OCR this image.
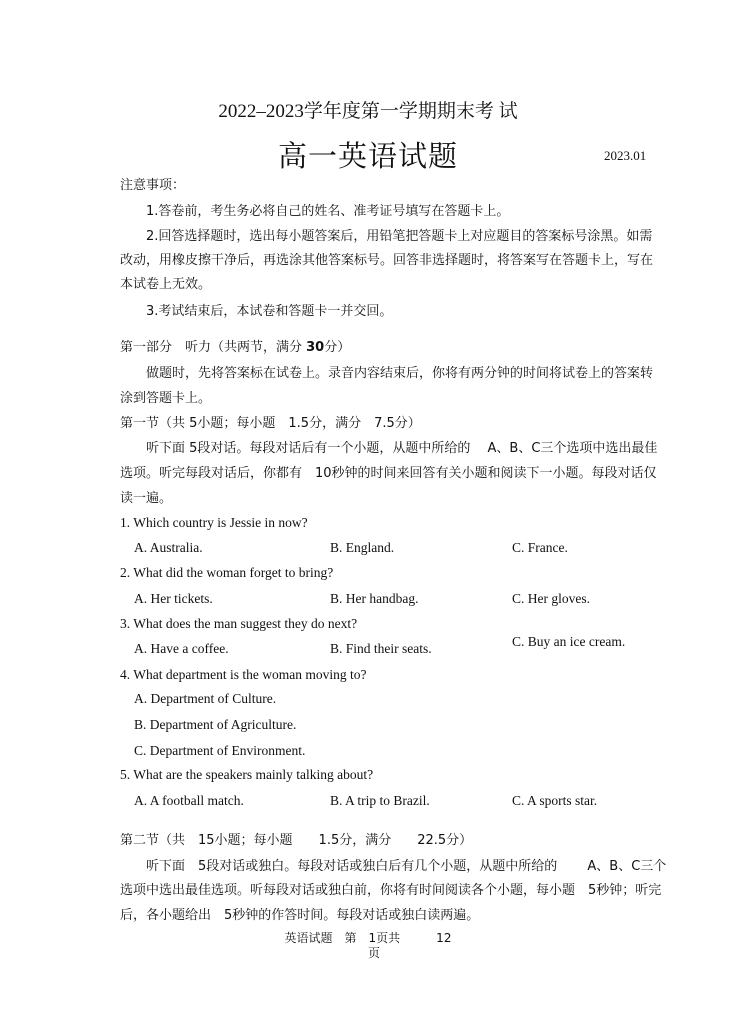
2022–2023学年度第一学期期末考 试
高一英语试题	2023.01
注意事项：
1.答卷前，考生务必将自己的姓名、准考证号填写在答题卡上。
2.回答选择题时，选出每小题答案后，用铅笔把答题卡上对应题目的答案标号涂黑。如需
改动，用橡皮擦干净后，再选涂其他答案标号。回答非选择题时，将答案写在答题卡上，写在
本试卷上无效。
3.考试结束后，本试卷和答题卡一并交回。
第一部分　听力（共两节，满分 30分）
做题时，先将答案标在试卷上。录音内容结束后，你将有两分钟的时间将试卷上的答案转
涂到答题卡上。
第一节（共 5小题；每小题　1.5分，满分　7.5分）
听下面 5段对话。每段对话后有一个小题，从题中所给的　 A、B、C三个选项中选出最佳
选项。听完每段对话后，你都有　10秒钟的时间来回答有关小题和阅读下一小题。每段对话仅
读一遍。
1. Which country is Jessie in now?
A. Australia.	B. England.	C. France.
2. What did the woman forget to bring?
A. Her tickets.	B. Her handbag.	C. Her gloves.
3. What does the man suggest they do next?
A. Have a coffee.	B. Find their seats.	C. Buy an ice cream.
4. What department is the woman moving to?
A. Department of Culture.
B. Department of Agriculture.
C. Department of Environment.
5. What are the speakers mainly talking about?
A. A football match.	B. A trip to Brazil.	C. A sports star.
第二节（共　15小题；每小题　　1.5分，满分　　22.5分）
听下面　5段对话或独白。每段对话或独白后有几个小题，从题中所给的　　 A、B、C三个
选项中选出最佳选项。听每段对话或独白前，你将有时间阅读各个小题，每小题　5秒钟；听完
后，各小题给出　5秒钟的作答时间。每段对话或独白读两遍。
英语试题　第　1页共　　　12
页
